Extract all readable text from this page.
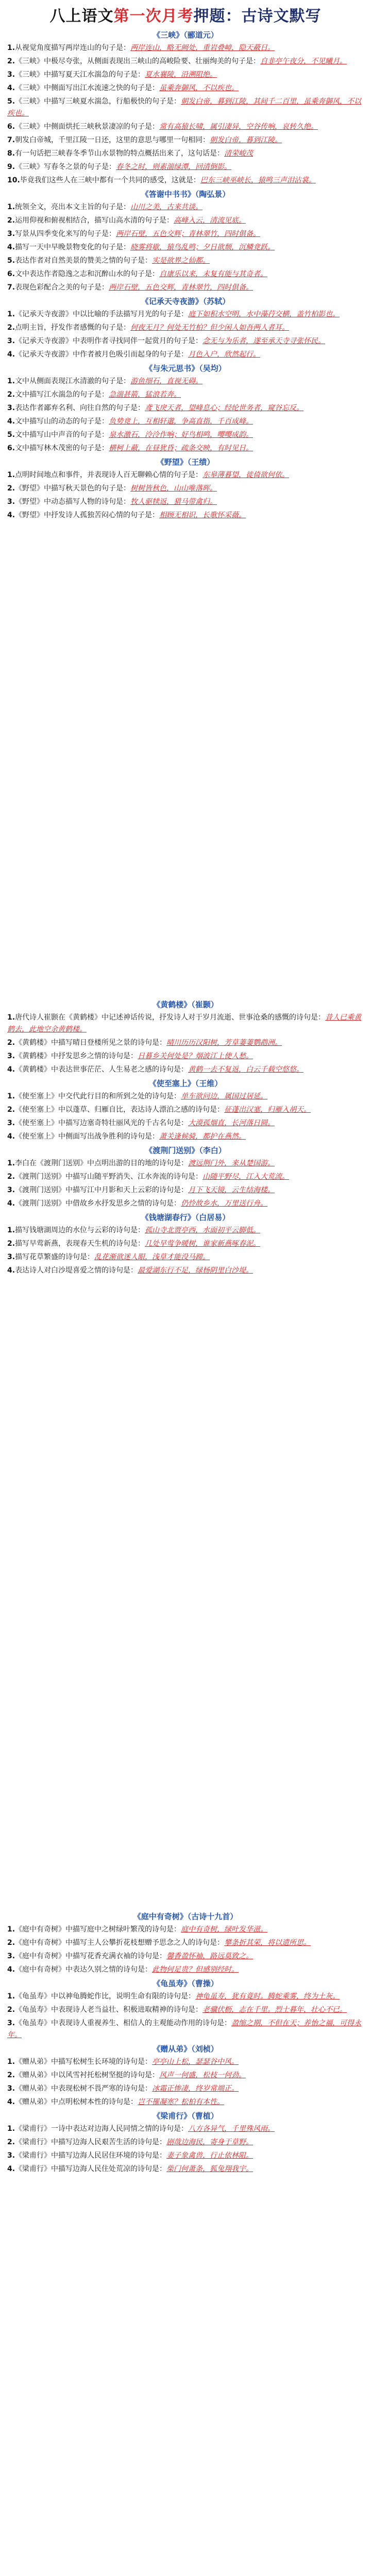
八上语文第一次月考押题：古诗文默写
《三峡》（郦道元）
1.从视觉角度描写两岸连山的句子是：两岸连山，略无阙处，重岩叠嶂，隐天蔽日。
2.《三峡》中极尽夸张，从侧面表现出三峡山的高峻险要、壮丽绚美的句子是：自非亭午夜分，不见曦月。
3.《三峡》中描写夏天江水湍急的句子是：夏水襄陵，沿溯阻绝。
4.《三峡》中侧面写出江水流速之快的句子是：虽乘奔御风，不以疾也。
5.《三峡》中描写三峡夏水湍急，行船极快的句子是：朝发白帝，暮到江陵，其间千二百里，虽乘奔御风，不以疾也。
6.《三峡》中侧面烘托三峡秋景凄凉的句子是：常有高猿长啸，属引凄异，空谷传响，哀转久绝。
7.朝发白帝城，千里江陵一日还，这里的意思与哪里一句相同：朝发白帝，暮到江陵。
8.有一句话把三峡春冬季节山水景物的特点概括出来了，这句话是：清荣峻茂
9.《三峡》写春冬之景的句子是：春冬之时，则素湍绿潭，回清倒影。
10.毕竟我们这些人在三峡中都有一个共同的感受，这就是：巴东三峡巫峡长，猿鸣三声泪沾裳。
《答谢中书书》（陶弘景）
1.统领全文，亮出本文主旨的句子是：山川之美，古来共谈。
2.运用仰视和俯视相结合，描写山高水清的句子是：高峰入云，清流见底。
3.写景从四季变化来写的句子是：两岸石壁，五色交辉；青林翠竹，四时俱备。
4.描写一天中早晚景物变化的句子是：晓雾将歇，猿鸟乱鸣；夕日欲颓，沉鳞竞跃。
5.表达作者对自然美景的赞美之情的句子是：实是欲界之仙都。
6.文中表达作者隐逸之志和沉醉山水的句子是：自康乐以来，未复有能与其奇者。
7.表现色彩配合之美的句子是：两岸石壁，五色交辉，青林翠竹，四时俱备。
《记承天寺夜游》（苏轼）
1.《记承天寺夜游》中以比喻的手法描写月光的句子是：庭下如积水空明，水中藻荇交横，盖竹柏影也。
2.点明主旨，抒发作者感慨的句子是：何夜无月？何处无竹柏？但少闲人如吾两人者耳。
3.《记承天寺夜游》中表明作者寻找同伴一起赏月的句子是：念无与为乐者，遂至承天寺寻张怀民。
4.《记承天寺夜游》中作者被月色吸引而起身的句子是：月色入户，欣然起行。
《与朱元思书》（吴均）
1.文中从侧面表现江水清澈的句子是：游鱼细石，直视无碍。
2.文中描写江水湍急的句子是：急湍甚箭，猛浪若奔。
3.表达作者鄙弃名利、向往自然的句子是：鸢飞戾天者，望峰息心；经纶世务者，窥谷忘反。
4.文中描写山的动态的句子是：负势竞上，互相轩邈，争高直指，千百成峰。
5.文中描写山中声音的句子是：泉水激石，泠泠作响；好鸟相鸣，嘤嘤成韵。
6.文中描写林木茂密的句子是：横柯上蔽，在昼犹昏；疏条交映，有时见日。
《野望》（王绩）
1.点明时间地点和事件，并表现诗人百无聊赖心情的句子是：东皋薄暮望，徙倚欲何依。
2.《野望》中描写秋天景色的句子是：树树皆秋色，山山唯落晖。
3.《野望》中动态描写人物的诗句是：牧人驱犊返，猎马带禽归。
4.《野望》中抒发诗人孤独苦闷心情的句子是：相顾无相识，长歌怀采薇。
《黄鹤楼》（崔颢）
1.唐代诗人崔颢在《黄鹤楼》中记述神话传说，抒发诗人对于岁月流逝、世事沧桑的感慨的诗句是：昔人已乘黄鹤去，此地空余黄鹤楼。
2.《黄鹤楼》中描写晴日登楼所见之景的诗句是：晴川历历汉阳树，芳草萋萋鹦鹉洲。
3.《黄鹤楼》中抒发思乡之情的诗句是：日暮乡关何处是？烟波江上使人愁。
4.《黄鹤楼》中表达世事茫茫、人生易老之感的诗句是：黄鹤一去不复返，白云千载空悠悠。
《使至塞上》（王维）
1.《使至塞上》中交代此行目的和所到之处的诗句是：单车欲问边，属国过居延。
2.《使至塞上》中以蓬草、归雁自比，表达诗人漂泊之感的诗句是：征蓬出汉塞，归雁入胡天。
3.《使至塞上》中描写边塞奇特壮丽风光的千古名句是：大漠孤烟直，长河落日圆。
4.《使至塞上》中侧面写出战争胜利的诗句是：萧关逢候骑，都护在燕然。
《渡荆门送别》（李白）
1.李白在《渡荆门送别》中点明出游的目的地的诗句是：渡远荆门外，来从楚国游。
2.《渡荆门送别》中描写山随平野消失、江水奔流的诗句是：山随平野尽，江入大荒流。
3.《渡荆门送别》中描写江中月影和天上云彩的诗句是：月下飞天镜，云生结海楼。
4.《渡荆门送别》中借故乡水抒发思乡之情的诗句是：仍怜故乡水，万里送行舟。
《钱塘湖春行》（白居易）
1.描写钱塘湖周边的水位与云彩的诗句是：孤山寺北贾亭西，水面初平云脚低。
2.描写早莺新燕，表现春天生机的诗句是：几处早莺争暖树，谁家新燕啄春泥。
3.描写花草繁盛的诗句是：乱花渐欲迷人眼，浅草才能没马蹄。
4.表达诗人对白沙堤喜爱之情的诗句是：最爱湖东行不足，绿杨阴里白沙堤。
《庭中有奇树》（古诗十九首）
1.《庭中有奇树》中描写庭中之树绿叶繁茂的诗句是：庭中有奇树，绿叶发华滋。
2.《庭中有奇树》中描写主人公攀折花枝想赠予思念之人的诗句是：攀条折其荣，将以遗所思。
3.《庭中有奇树》中描写花香充满衣袖的诗句是：馨香盈怀袖，路远莫致之。
4.《庭中有奇树》中表达久别之情的诗句是：此物何足贵？但感别经时。
《龟虽寿》（曹操）
1.《龟虽寿》中以神龟腾蛇作比，说明生命有限的诗句是：神龟虽寿，犹有竟时。腾蛇乘雾，终为土灰。
2.《龟虽寿》中表现诗人老当益壮、积极进取精神的诗句是：老骥伏枥，志在千里。烈士暮年，壮心不已。
3.《龟虽寿》中表现诗人重视养生、相信人的主观能动作用的诗句是：盈缩之期，不但在天；养怡之福，可得永年。
《赠从弟》（刘桢）
1.《赠从弟》中描写松树生长环境的诗句是：亭亭山上松，瑟瑟谷中风。
2.《赠从弟》中以风雪衬托松树坚挺的诗句是：风声一何盛，松枝一何劲。
3.《赠从弟》中表现松树不畏严寒的诗句是：冰霜正惨凄，终岁常端正。
4.《赠从弟》中点明松树本性的诗句是：岂不罹凝寒？松柏有本性。
《梁甫行》（曹植）
1.《梁甫行》一诗中表达对边海人民同情之情的诗句是：八方各异气，千里殊风雨。
2.《梁甫行》中描写边海人民艰苦生活的诗句是：剧哉边海民，寄身于草野。
3.《梁甫行》中描写边海人民居住环境的诗句是：妻子象禽兽，行止依林阻。
4.《梁甫行》中描写边海人民住处荒凉的诗句是：柴门何萧条，狐兔翔我宇。
